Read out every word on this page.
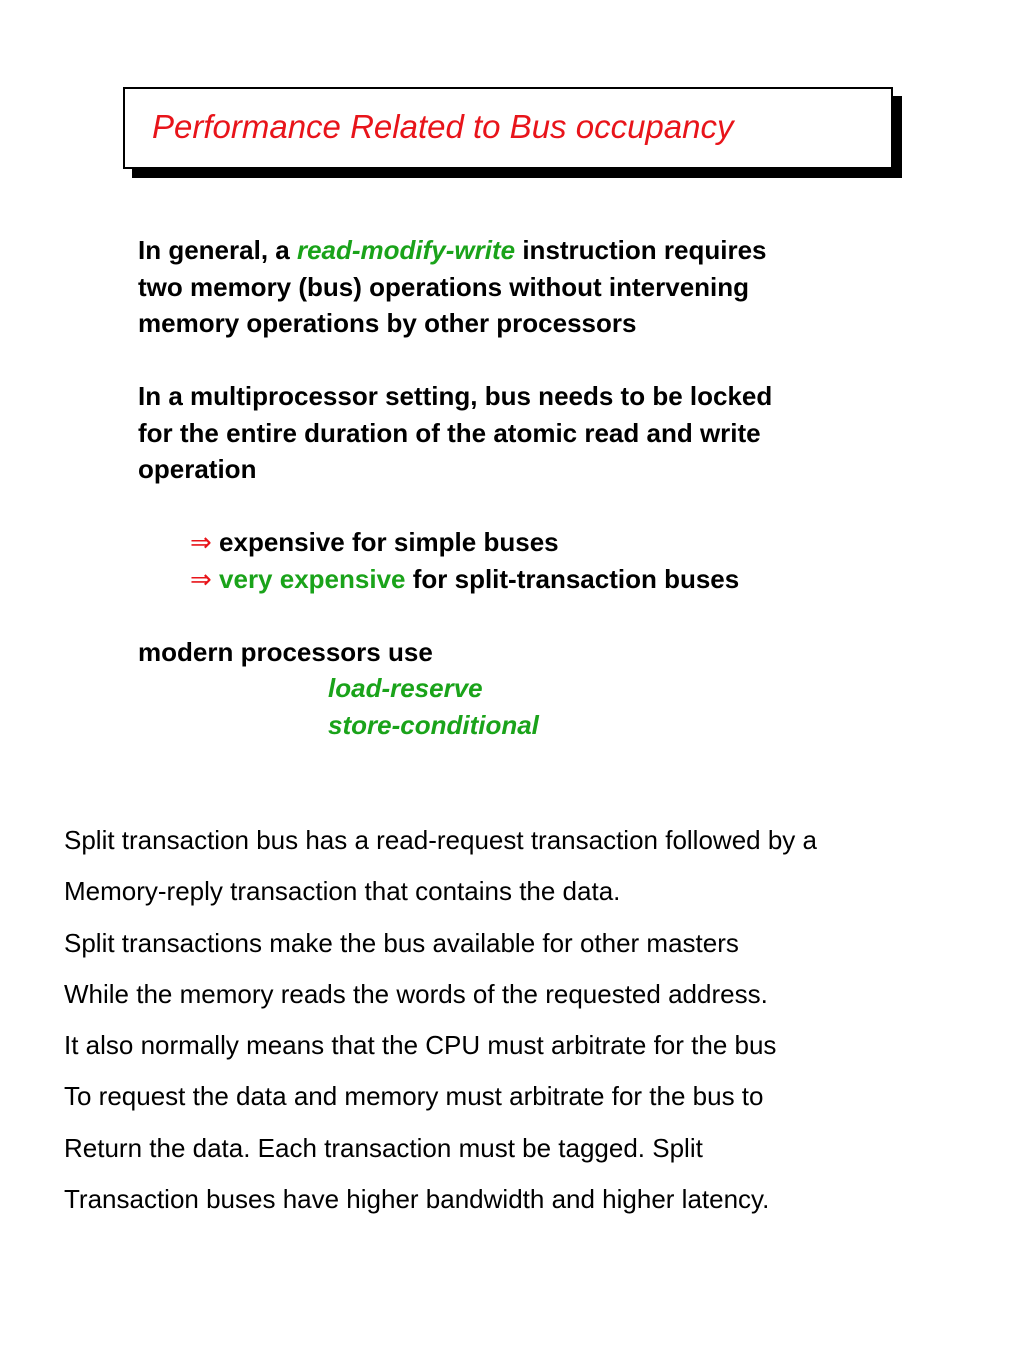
Performance Related to Bus occupancy

In general, a read-modify-write instruction requires

two memory (bus) operations without intervening

memory operations by other processors

In a multiprocessor setting, bus needs to be locked

for the entire duration of the atomic read and write

operation

⇒ expensive for simple buses

⇒ very expensive for split-transaction buses

modern processors use

load-reserve

store-conditional

Split transaction bus has a read-request transaction followed by a

Memory-reply transaction that contains the data.

Split transactions make the bus available for other masters

While the memory reads the words of the requested address.

It also normally means that the CPU must arbitrate for the bus

To request the data and memory must arbitrate for the bus to

Return the data. Each transaction must be tagged. Split

Transaction buses have higher bandwidth and higher latency.
